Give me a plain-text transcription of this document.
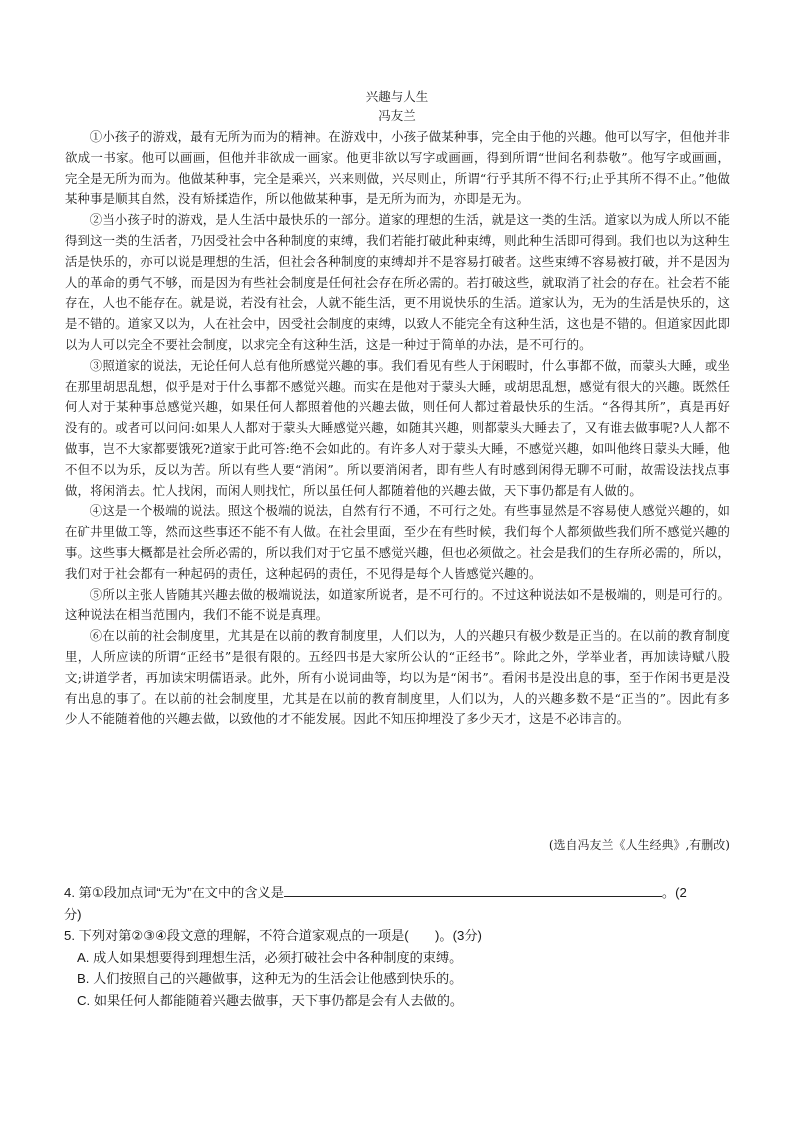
兴趣与人生
冯友兰

①小孩子的游戏，最有无所为而为的精神。在游戏中，小孩子做某种事，完全由于他的兴趣。他可以写字，但他并非欲成一书家。他可以画画，但他并非欲成一画家。他更非欲以写字或画画，得到所谓“世间名利恭敬”。他写字或画画，完全是无所为而为。他做某种事，完全是乘兴，兴来则做，兴尽则止，所谓“行乎其所不得不行;止乎其所不得不止。”他做某种事是顺其自然，没有矫揉造作，所以他做某种事，是无所为而为，亦即是无为。

②当小孩子时的游戏，是人生活中最快乐的一部分。道家的理想的生活，就是这一类的生活。道家以为成人所以不能得到这一类的生活者，乃因受社会中各种制度的束缚，我们若能打破此种束缚，则此种生活即可得到。我们也以为这种生活是快乐的，亦可以说是理想的生活，但社会各种制度的束缚却并不是容易打破者。这些束缚不容易被打破，并不是因为人的革命的勇气不够，而是因为有些社会制度是任何社会存在所必需的。若打破这些，就取消了社会的存在。社会若不能存在，人也不能存在。就是说，若没有社会，人就不能生活，更不用说快乐的生活。道家认为，无为的生活是快乐的，这是不错的。道家又以为，人在社会中，因受社会制度的束缚，以致人不能完全有这种生活，这也是不错的。但道家因此即以为人可以完全不要社会制度，以求完全有这种生活，这是一种过于简单的办法，是不可行的。

③照道家的说法，无论任何人总有他所感觉兴趣的事。我们看见有些人于闲暇时，什么事都不做，而蒙头大睡，或坐在那里胡思乱想，似乎是对于什么事都不感觉兴趣。而实在是他对于蒙头大睡，或胡思乱想，感觉有很大的兴趣。既然任何人对于某种事总感觉兴趣，如果任何人都照着他的兴趣去做，则任何人都过着最快乐的生活。“各得其所”，真是再好没有的。或者可以问问:如果人人都对于蒙头大睡感觉兴趣，如随其兴趣，则都蒙头大睡去了，又有谁去做事呢?人人都不做事，岂不大家都要饿死?道家于此可答:绝不会如此的。有许多人对于蒙头大睡，不感觉兴趣，如叫他终日蒙头大睡，他不但不以为乐，反以为苦。所以有些人要“消闲”。所以要消闲者，即有些人有时感到闲得无聊不可耐，故需设法找点事做，将闲消去。忙人找闲，而闲人则找忙，所以虽任何人都随着他的兴趣去做，天下事仍都是有人做的。

④这是一个极端的说法。照这个极端的说法，自然有行不通，不可行之处。有些事显然是不容易使人感觉兴趣的，如在矿井里做工等，然而这些事还不能不有人做。在社会里面，至少在有些时候，我们每个人都须做些我们所不感觉兴趣的事。这些事大概都是社会所必需的，所以我们对于它虽不感觉兴趣，但也必须做之。社会是我们的生存所必需的，所以，我们对于社会都有一种起码的责任，这种起码的责任，不见得是每个人皆感觉兴趣的。

⑤所以主张人皆随其兴趣去做的极端说法，如道家所说者，是不可行的。不过这种说法如不是极端的，则是可行的。这种说法在相当范围内，我们不能不说是真理。

⑥在以前的社会制度里，尤其是在以前的教育制度里，人们以为，人的兴趣只有极少数是正当的。在以前的教育制度里，人所应读的所谓“正经书”是很有限的。五经四书是大家所公认的“正经书”。除此之外，学举业者，再加读诗赋八股文;讲道学者，再加读宋明儒语录。此外，所有小说词曲等，均以为是“闲书”。看闲书是没出息的事，至于作闲书更是没有出息的事了。在以前的社会制度里，尤其是在以前的教育制度里，人们以为，人的兴趣多数不是“正当的”。因此有多少人不能随着他的兴趣去做，以致他的才不能发展。因此不知压抑埋没了多少天才，这是不必讳言的。

(选自冯友兰《人生经典》,有删改)

4. 第①段加点词“无为”在文中的含义是	。(2
分)

5. 下列对第②③④段文意的理解，不符合道家观点的一项是(　　)。(3分)

A. 成人如果想要得到理想生活，必须打破社会中各种制度的束缚。

B. 人们按照自己的兴趣做事，这种无为的生活会让他感到快乐的。

C. 如果任何人都能随着兴趣去做事，天下事仍都是会有人去做的。
